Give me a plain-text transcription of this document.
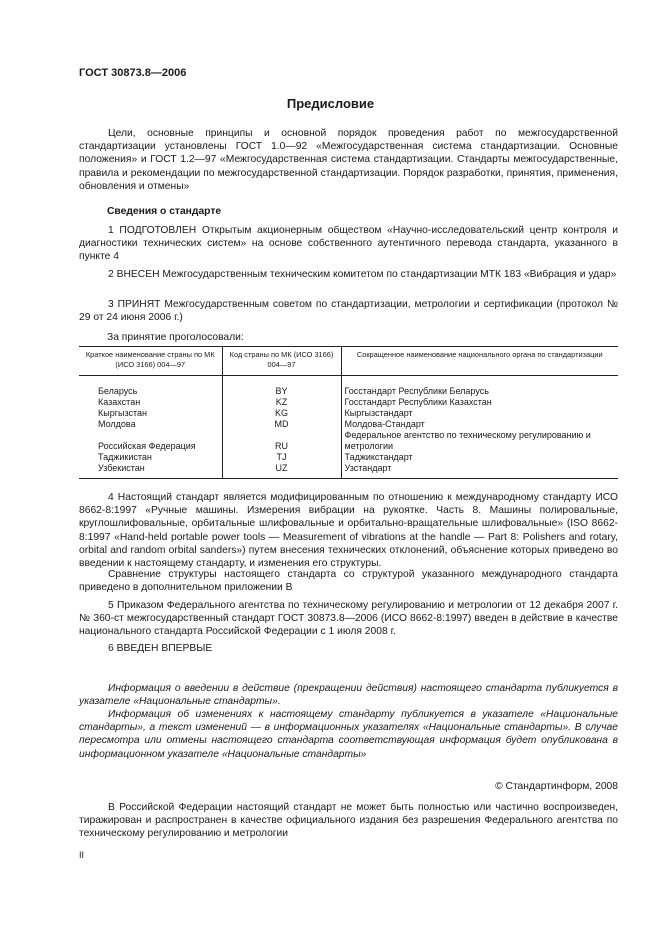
ГОСТ 30873.8—2006
Предисловие

Цели, основные принципы и основной порядок проведения работ по межгосударственной стандартизации установлены ГОСТ 1.0—92 «Межгосударственная система стандартизации. Основные положения» и ГОСТ 1.2—97 «Межгосударственная система стандартизации. Стандарты межгосударственные, правила и рекомендации по межгосударственной стандартизации. Порядок разработки, принятия, применения, обновления и отмены»

Сведения о стандарте

1 ПОДГОТОВЛЕН Открытым акционерным обществом «Научно-исследовательский центр контроля и диагностики технических систем» на основе собственного аутентичного перевода стандарта, указанного в пункте 4

2 ВНЕСЕН Межгосударственным техническим комитетом по стандартизации МТК 183 «Вибрация и удар»

3 ПРИНЯТ Межгосударственным советом по стандартизации, метрологии и сертификации (протокол № 29 от 24 июня 2006 г.)

За принятие проголосовали:
Краткое наименование страны по МК (ИСО 3166) 004—97	Код страны по МК (ИСО 3166) 004—97	Сокращенное наименование национального органа по стандартизации
Беларусь	BY	Госстандарт Республики Беларусь
Казахстан	KZ	Госстандарт Республики Казахстан
Кыргызстан	KG	Кыргызстандарт
Молдова	MD	Молдова-Стандарт
Российская Федерация	RU	Федеральное агентство по техническому регулированию и метрологии
Таджикистан	TJ	Таджикстандарт
Узбекистан	UZ	Узстандарт

4 Настоящий стандарт является модифицированным по отношению к международному стандарту ИСО 8662-8:1997 «Ручные машины. Измерения вибрации на рукоятке. Часть 8. Машины полировальные, круглошлифовальные, орбитальные шлифовальные и орбитально-вращательные шлифовальные» (ISO 8662-8:1997 «Hand-held portable power tools — Measurement of vibrations at the handle — Part 8: Polishers and rotary, orbital and random orbital sanders») путем внесения технических отклонений, объяснение которых приведено во введении к настоящему стандарту, и изменения его структуры.

Сравнение структуры настоящего стандарта со структурой указанного международного стандарта приведено в дополнительном приложении В

5 Приказом Федерального агентства по техническому регулированию и метрологии от 12 декабря 2007 г. № 360-ст межгосударственный стандарт ГОСТ 30873.8—2006 (ИСО 8662-8:1997) введен в действие в качестве национального стандарта Российской Федерации с 1 июля 2008 г.

6 ВВЕДЕН ВПЕРВЫЕ

Информация о введении в действие (прекращении действия) настоящего стандарта публикуется в указателе «Национальные стандарты».

Информация об изменениях к настоящему стандарту публикуется в указателе «Национальные стандарты», а текст изменений — в информационных указателях «Национальные стандарты». В случае пересмотра или отмены настоящего стандарта соответствующая информация будет опубликована в информационном указателе «Национальные стандарты»

© Стандартинформ, 2008

В Российской Федерации настоящий стандарт не может быть полностью или частично воспроизведен, тиражирован и распространен в качестве официального издания без разрешения Федерального агентства по техническому регулированию и метрологии

II
